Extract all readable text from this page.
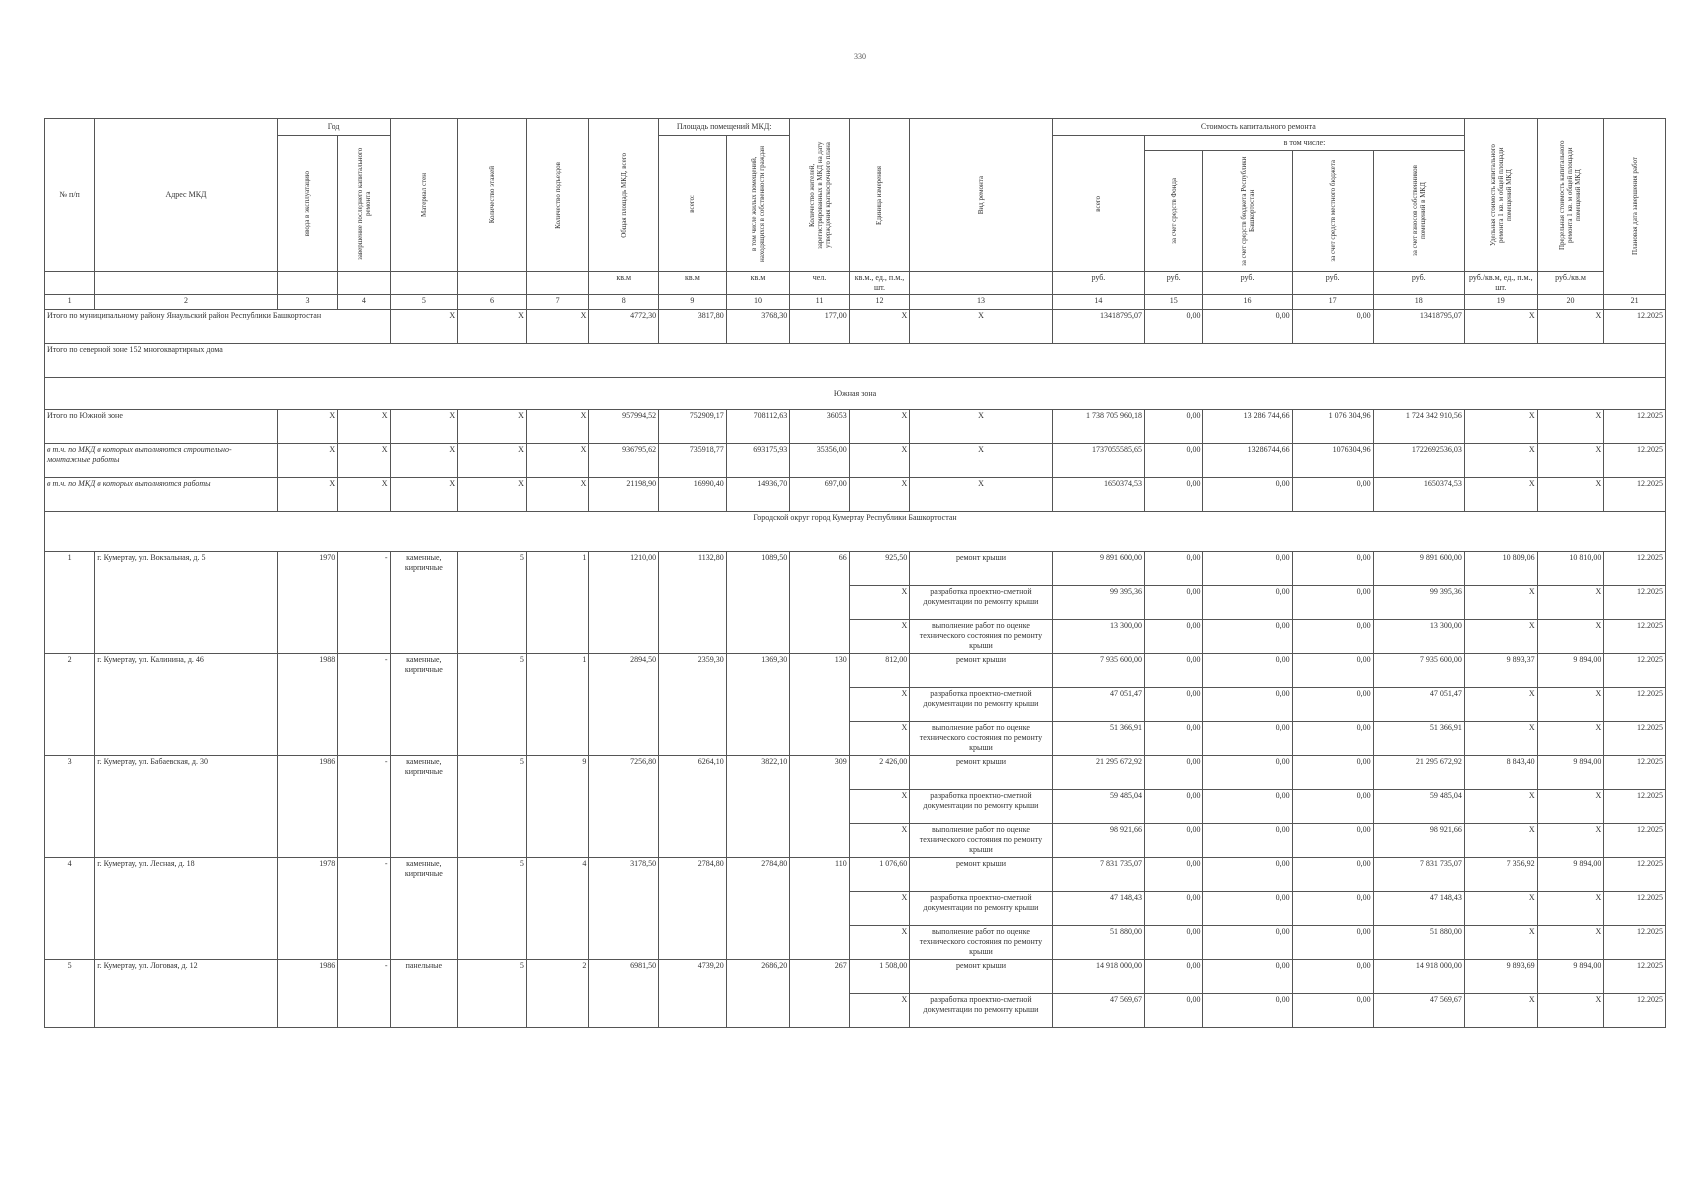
330
№ п/п	Адрес МКД	Год		Материал стен	Количество этажей	Количество подъездов	Общая площадь МКД, всего	Площадь помещений МКД:		Количество жителей, зарегистрированных в МКД на дату утверждения краткосрочного плана	Единица измерения	Вид ремонта	Стоимость капитального ремонта					Удельная стоимость капитального ремонта 1 кв. м общей площади помещений МКД	Предельная стоимость капитального ремонта 1 кв. м общей площади помещений МКД	Плановая дата завершения работ

		ввода в эксплуатацию	завершение последнего капитального ремонта					всего:	в том числе жилых помещений, находящихся в собственности граждан				всего	в том числе:						

														за счет средств Фонда	за счет средств бюджета Республики Башкортостан	за счет средств местного бюджета	за счет взносов собственников помещений в МКД			

							кв.м	кв.м	кв.м	чел.	кв.м., ед., п.м., шт.		руб.	руб.	руб.	руб.	руб.	руб./кв.м, ед., п.м., шт.	руб./кв.м	
1	2	3	4	5	6	7	8	9	10	11	12	13	14	15	16	17	18	19	20	21
Итого по муниципальному району Янаульский район Республики Башкортостан				X	X	X	4772,30	3817,80	3768,30	177,00	X	X	13418795,07	0,00	0,00	0,00	13418795,07	X	X	12.2025
Итого по северной зоне 152 многоквартирных дома																				
Южная зона																				
Итого по Южной зоне		X	X	X	X	X	957994,52	752909,17	708112,63	36053	X	X	1 738 705 960,18	0,00	13 286 744,66	1 076 304,96	1 724 342 910,56	X	X	12.2025
в т.ч. по МКД в которых выполняются строительно-монтажные работы		X	X	X	X	X	936795,62	735918,77	693175,93	35356,00	X	X	1737055585,65	0,00	13286744,66	1076304,96	1722692536,03	X	X	12.2025
в т.ч. по МКД в которых выполняются работы		X	X	X	X	X	21198,90	16990,40	14936,70	697,00	X	X	1650374,53	0,00	0,00	0,00	1650374,53	X	X	12.2025
Городской округ город Кумертау Республики Башкортостан																				
1	г. Кумертау, ул. Вокзальная, д. 5	1970	-	каменные, кирпичные	5	1	1210,00	1132,80	1089,50	66	925,50	ремонт крыши	9 891 600,00	0,00	0,00	0,00	9 891 600,00	10 809,06	10 810,00	12.2025
											X	разработка проектно-сметной документации по ремонту крыши	99 395,36	0,00	0,00	0,00	99 395,36	X	X	12.2025
											X	выполнение работ по оценке технического состояния по ремонту крыши	13 300,00	0,00	0,00	0,00	13 300,00	X	X	12.2025
2	г. Кумертау, ул. Калинина, д. 46	1988	-	каменные, кирпичные	5	1	2894,50	2359,30	1369,30	130	812,00	ремонт крыши	7 935 600,00	0,00	0,00	0,00	7 935 600,00	9 893,37	9 894,00	12.2025
											X	разработка проектно-сметной документации по ремонту крыши	47 051,47	0,00	0,00	0,00	47 051,47	X	X	12.2025
											X	выполнение работ по оценке технического состояния по ремонту крыши	51 366,91	0,00	0,00	0,00	51 366,91	X	X	12.2025
3	г. Кумертау, ул. Бабаевская, д. 30	1986	-	каменные, кирпичные	5	9	7256,80	6264,10	3822,10	309	2 426,00	ремонт крыши	21 295 672,92	0,00	0,00	0,00	21 295 672,92	8 843,40	9 894,00	12.2025
											X	разработка проектно-сметной документации по ремонту крыши	59 485,04	0,00	0,00	0,00	59 485,04	X	X	12.2025
											X	выполнение работ по оценке технического состояния по ремонту крыши	98 921,66	0,00	0,00	0,00	98 921,66	X	X	12.2025
4	г. Кумертау, ул. Лесная, д. 18	1978	-	каменные, кирпичные	5	4	3178,50	2784,80	2784,80	110	1 076,60	ремонт крыши	7 831 735,07	0,00	0,00	0,00	7 831 735,07	7 356,92	9 894,00	12.2025
											X	разработка проектно-сметной документации по ремонту крыши	47 148,43	0,00	0,00	0,00	47 148,43	X	X	12.2025
											X	выполнение работ по оценке технического состояния по ремонту крыши	51 880,00	0,00	0,00	0,00	51 880,00	X	X	12.2025
5	г. Кумертау, ул. Логовая, д. 12	1986	-	панельные	5	2	6981,50	4739,20	2686,20	267	1 508,00	ремонт крыши	14 918 000,00	0,00	0,00	0,00	14 918 000,00	9 893,69	9 894,00	12.2025
											X	разработка проектно-сметной документации по ремонту крыши	47 569,67	0,00	0,00	0,00	47 569,67	X	X	12.2025
